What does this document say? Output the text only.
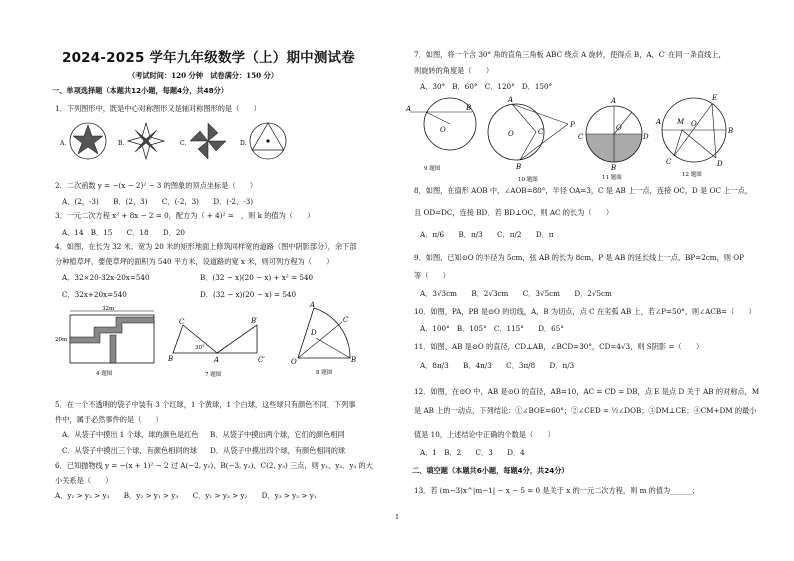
2024-2025 学年九年级数学（上）期中测试卷
（考试时间：120 分钟　试卷满分：150 分）
一、单项选择题（本题共12小题，每题4分，共48分）
1．下列图形中，既是中心对称图形又是轴对称图形的是（　　）
A.	B.	C.	D.
2．二次函数 y = −(x − 2)² − 3 的图象的顶点坐标是（　　）
A．(2，-3)　　B．(2，3)　　C．(-2，3)　　D．(-2，-3)
3．一元二次方程 x² + 8x − 2 = 0，配方为（ + 4)² =　，则 k 的值为（　　）
A．14　B．15　　C．18　　D．20
4．如图，在长为 32 米、宽为 20 米的矩形地面上修筑同样宽的道路（图中阴影部分），余下部
分种植草坪，要使草坪的面积为 540 平方米，设道路的宽 x 米，则可列方程为（　　）
A．32×20-32x-20x=540	B．(32 − x)(20 − x) + x² = 540
C．32x+20x=540	D．(32 − x)(20 − x) = 540
32m
20m
4 题图
C
30°
B	A
B′
C′
7 题图
A
C
D
B
O
8 题图
5．在一个不透明的袋子中装有 3 个红球，1 个黄球，1 个白球，这些球只有颜色不同．下列事
件中，属于必然事件的是（　　）
A．从袋子中摸出 1 个球，球的颜色是红色 B．从袋子中摸出两个球，它们的颜色相同
C．从袋子中摸出三个球，有颜色相同的球 D．从袋子中摸出四个球，有颜色相同的球
6．已知抛物线 y = −(x + 1)² − 2 过 A(−2, y₁)、B(−3, y₂)、C(2, y₃) 三点，则 y₁、y₂、y₃ 的大
小关系是（　　）
A．y₁ > y₂ > y₃　　B．y₂ > y₁ > y₃　　C．y₁ > y₃ > y₂　　D．y₃ > y₂ > y₁
7．如图，将一个含 30° 角的直角三角板 ABC 绕点 A 旋转，使得点 B，A，C′ 在同一条直线上，
则旋转的角度是（　　）
A．30°　B．60°　C．120°　D．150°
A	B
O
9 题图
A
O	C
P
B
10 题图
A
C	D
B
O
11 题图
E
A M O
B
C	D
12 题图
8．如图，在扇形 AOB 中，∠AOB=80°，半径 OA=3，C 是 AB 上一点，连接 OC，D 是 OC 上一点，
且 OD=DC，连接 BD．若 BD⊥OC，则 AC 的长为（　　）
A．π/6　　B．π/3　　C．π/2　　D．π
9．如图，已知⊙O 的半径为 5cm，弦 AB 的长为 8cm，P 是 AB 的延长线上一点，BP=2cm，则 OP
等（　　）
A．3√3cm　　B．2√3cm　　C．3√5cm　　D．2√5cm
10．如图，PA，PB 是⊙O 的切线，A，B 为切点，点 C 在劣弧 AB 上，若∠P=50°，则∠ACB=（　　）
A．100°　B．105°　C．115°　　D．65°
11．如图，AB 是⊙O 的直径，CD⊥AB，∠BCD=30°，CD=4√3，则 S阴影 =（　　）
A．8π/3　　B．4π/3　　C．3π/8　　D．π/3
12．如图，在⊙O 中，AB 是⊙O 的直径，AB=10，AC = CD = DB，点 E 是点 D 关于 AB 的对称点，M
是 AB 上的一动点，下列结论：①∠BOE=60°；②∠CED = ½∠DOB；③DM⊥CE；④CM+DM 的最小
值是 10，上述结论中正确的个数是（　　）
A．1　B．2　　C．3　　D．4
二、填空题（本题共6小题，每题4分，共24分）
13．若 (m−3)x^|m−1| − x − 5 = 0 是关于 x 的一元二次方程，则 m 的值为______；
1
